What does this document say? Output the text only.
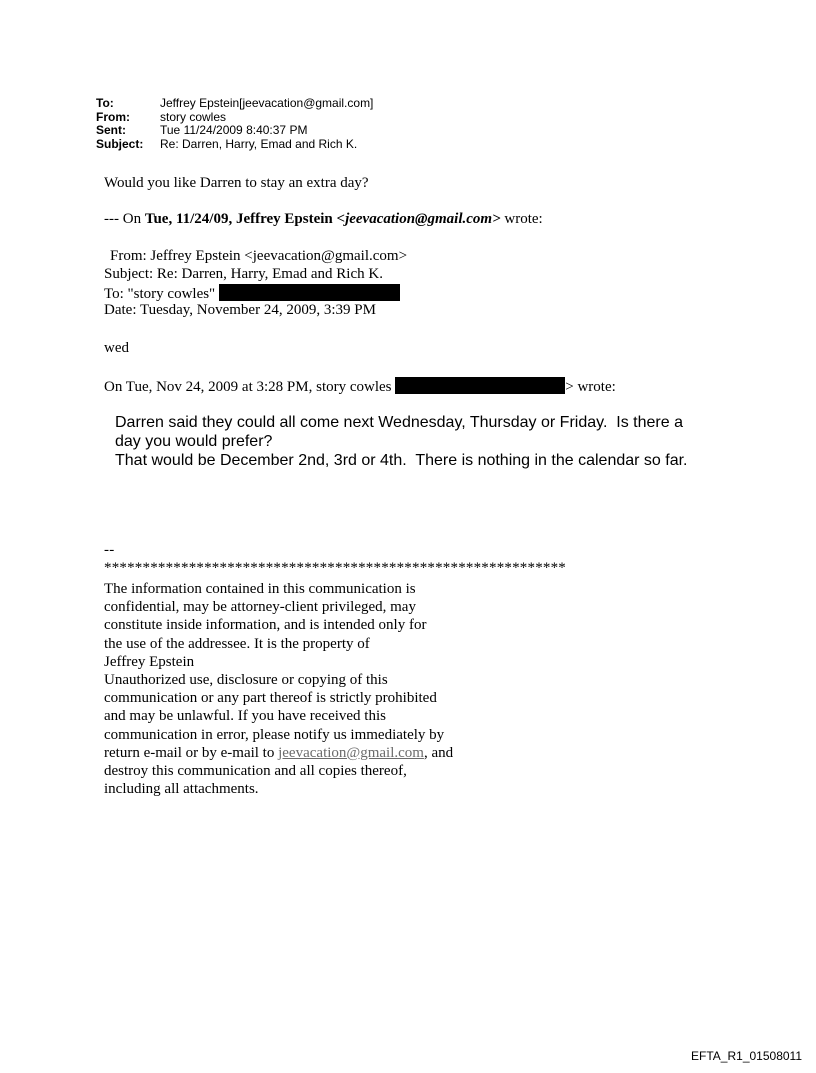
To:	Jeffrey Epstein[jeevacation@gmail.com]
From:	story cowles
Sent:	Tue 11/24/2009 8:40:37 PM
Subject:	Re: Darren, Harry, Emad and Rich K.
Would you like Darren to stay an extra day?
--- On Tue, 11/24/09, Jeffrey Epstein <jeevacation@gmail.com> wrote:
From: Jeffrey Epstein <jeevacation@gmail.com>
Subject: Re: Darren, Harry, Emad and Rich K.
To: "story cowles"
Date: Tuesday, November 24, 2009, 3:39 PM
wed
On Tue, Nov 24, 2009 at 3:28 PM, story cowles	> wrote:
Darren said they could all come next Wednesday, Thursday or Friday.  Is there a
day you would prefer?
That would be December 2nd, 3rd or 4th.  There is nothing in the calendar so far.
--
************************************************************
The information contained in this communication is
confidential, may be attorney-client privileged, may
constitute inside information, and is intended only for
the use of the addressee. It is the property of
Jeffrey Epstein
Unauthorized use, disclosure or copying of this
communication or any part thereof is strictly prohibited
and may be unlawful. If you have received this
communication in error, please notify us immediately by
return e-mail or by e-mail to jeevacation@gmail.com, and
destroy this communication and all copies thereof,
including all attachments.
EFTA_R1_01508011
